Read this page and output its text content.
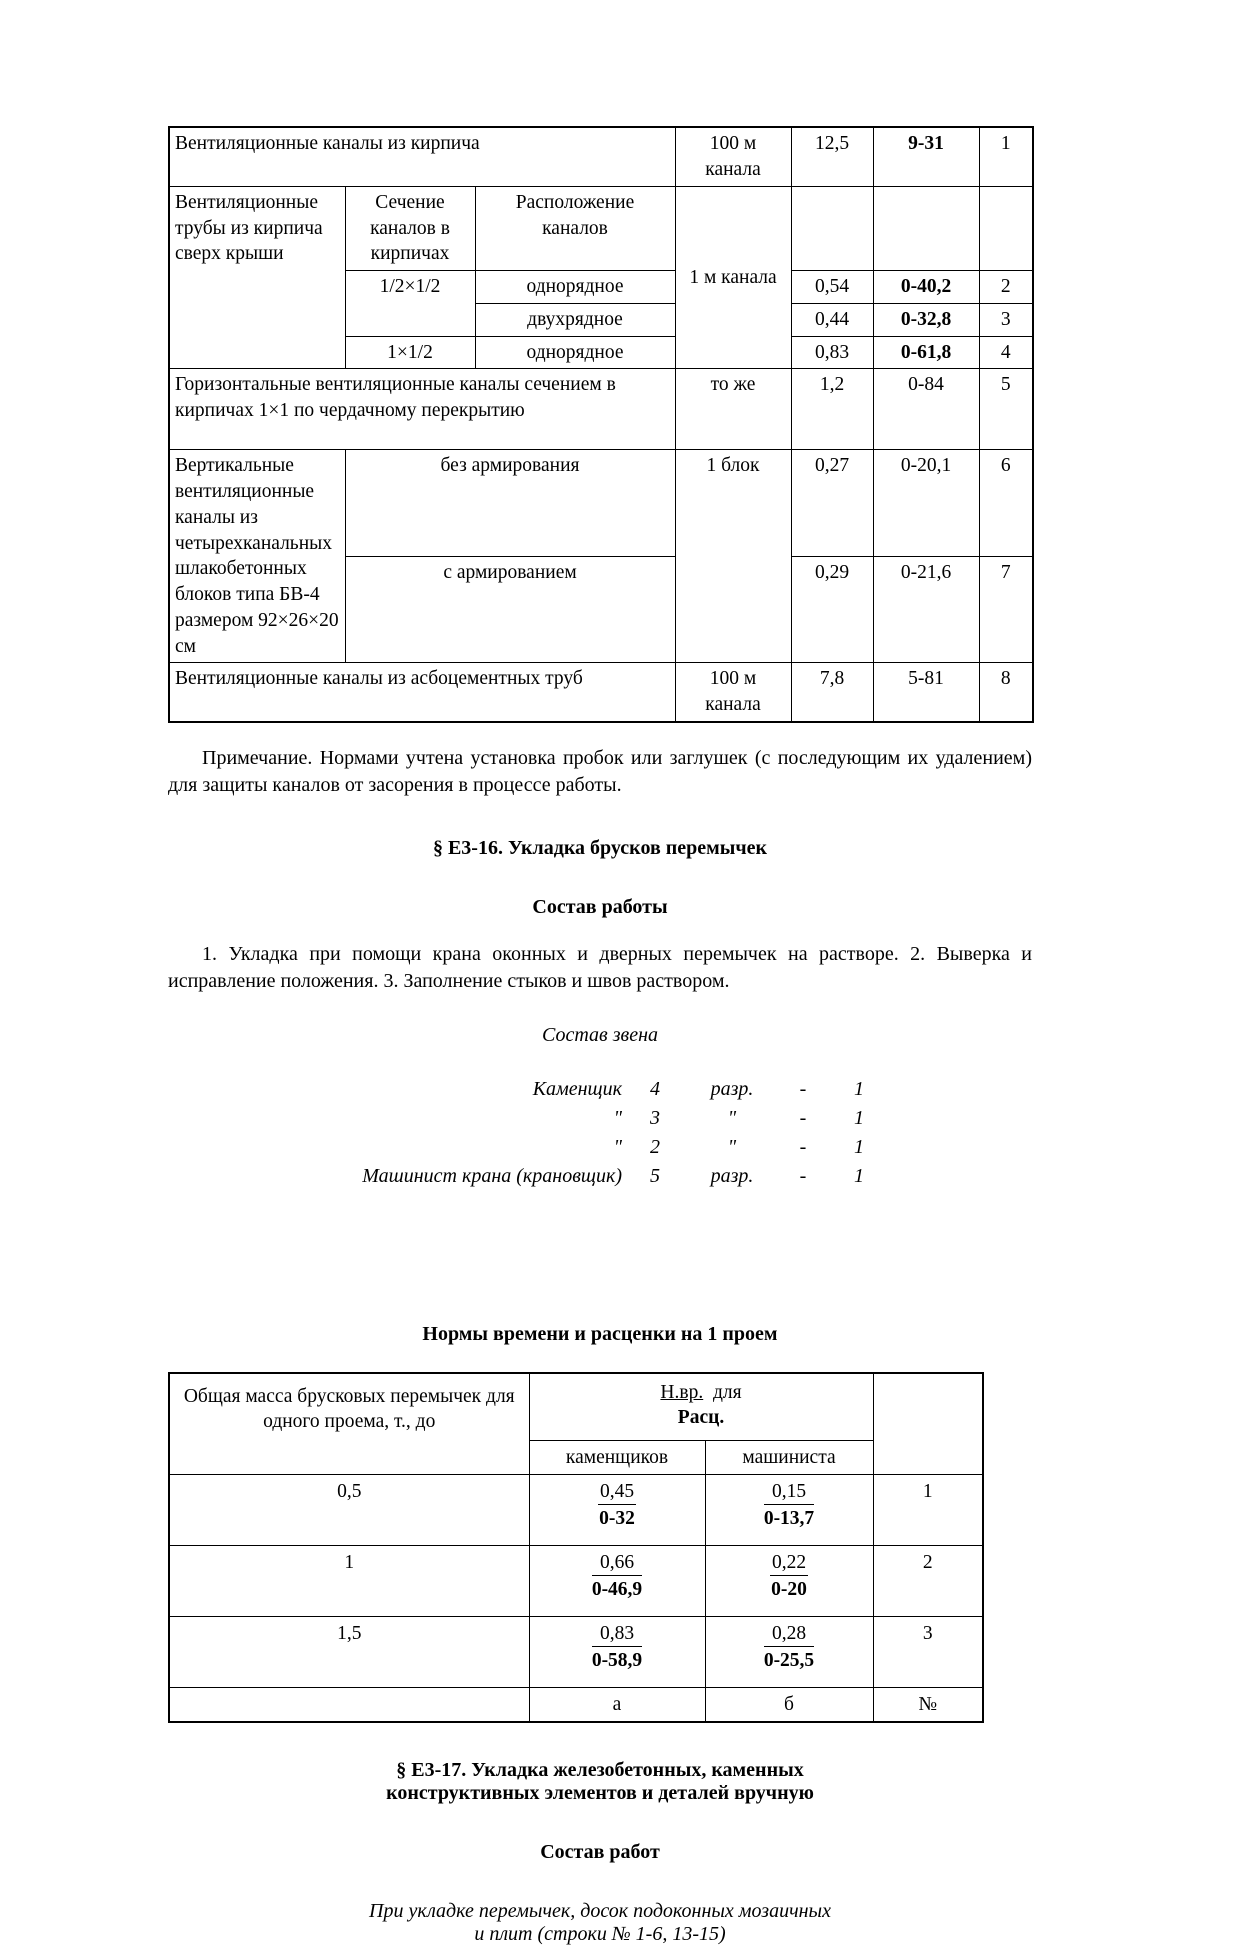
Вентиляционные каналы из кирпича			100 м канала	12,5	9-31	1
Вентиляционные трубы из кирпича сверх крыши	Сечение каналов в кирпичах	Расположение каналов	1 м канала			
	1/2×1/2	однорядное		0,54	0-40,2	2
		двухрядное		0,44	0-32,8	3
	1×1/2	однорядное		0,83	0-61,8	4
Горизонтальные вентиляционные каналы сечением в кирпичах 1×1 по чердачному перекрытию			то же	1,2	0-84	5
Вертикальные вентиляционные каналы из четырехканальных шлакобетонных блоков типа БВ-4 размером 92×26×20 см	без армирования		1 блок	0,27	0-20,1	6
	с армированием			0,29	0-21,6	7
Вентиляционные каналы из асбоцементных труб			100 м канала	7,8	5-81	8

Примечание. Нормами учтена установка пробок или заглушек (с последующим их удалением) для защиты каналов от засорения в процессе работы.

§ Е3-16. Укладка брусков перемычек

Состав работы

1. Укладка при помощи крана оконных и дверных перемычек на растворе. 2. Выверка и исправление положения. 3. Заполнение стыков и швов раствором.

Состав звена

Каменщик	4	разр.	-	1
"	3	"	-	1
"	2	"	-	1
Машинист крана (крановщик)	5	разр.	-	1

Нормы времени и расценки на 1 проем

Общая масса брусковых перемычек для одного проема, т., до	Н.вр. для
Расц.		

	каменщиков	машиниста	
0,5	$\frac{0,45}{0-32}$	$\frac{0,15}{0-13,7}$	1
1	$\frac{0,66}{0-46,9}$	$\frac{0,22}{0-20}$	2
1,5	$\frac{0,83}{0-58,9}$	$\frac{0,28}{0-25,5}$	3
	а	б	№

§ Е3-17. Укладка железобетонных, каменных

конструктивных элементов и деталей вручную

Состав работ

При укладке перемычек, досок подоконных мозаичных

и плит (строки № 1-6, 13-15)
